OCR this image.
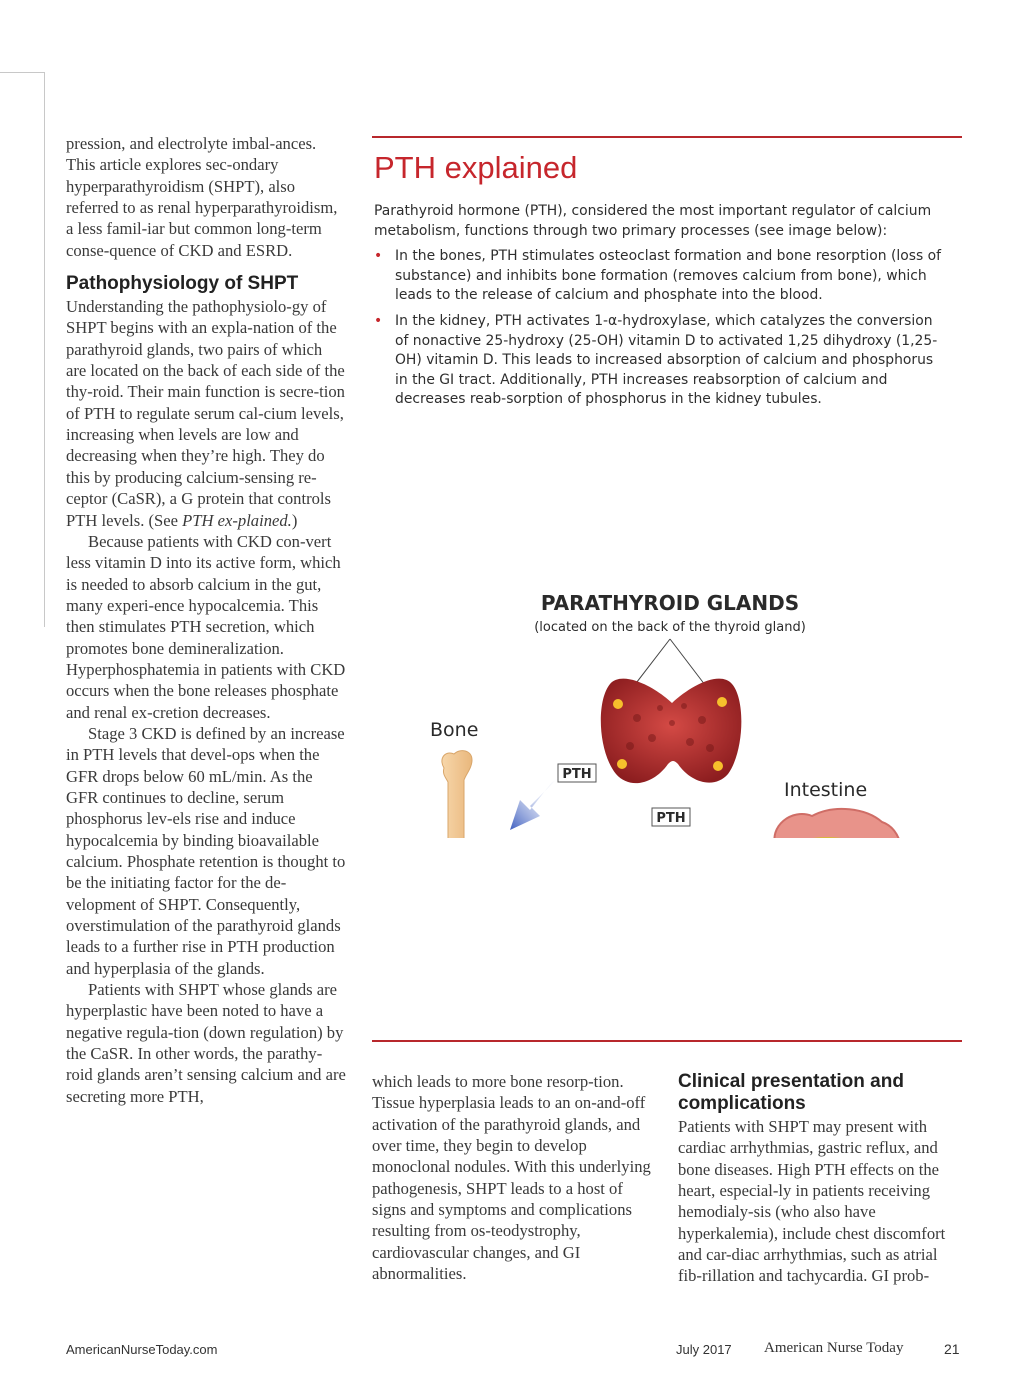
pression, and electrolyte imbal-ances. This article explores sec-ondary hyperparathyroidism (SHPT), also referred to as renal hyperparathyroidism, a less famil-iar but common long-term conse-quence of CKD and ESRD.

Pathophysiology of SHPT

Understanding the pathophysiolo-gy of SHPT begins with an expla-nation of the parathyroid glands, two pairs of which are located on the back of each side of the thy-roid. Their main function is secre-tion of PTH to regulate serum cal-cium levels, increasing when levels are low and decreasing when they’re high. They do this by producing calcium-sensing re-ceptor (CaSR), a G protein that controls PTH levels. (See PTH ex-plained.)

Because patients with CKD con-vert less vitamin D into its active form, which is needed to absorb calcium in the gut, many experi-ence hypocalcemia. This then stimulates PTH secretion, which promotes bone demineralization. Hyperphosphatemia in patients with CKD occurs when the bone releases phosphate and renal ex-cretion decreases.

Stage 3 CKD is defined by an increase in PTH levels that devel-ops when the GFR drops below 60 mL/min. As the GFR continues to decline, serum phosphorus lev-els rise and induce hypocalcemia by binding bioavailable calcium. Phosphate retention is thought to be the initiating factor for the de-velopment of SHPT. Consequently, overstimulation of the parathyroid glands leads to a further rise in PTH production and hyperplasia of the glands.

Patients with SHPT whose glands are hyperplastic have been noted to have a negative regula-tion (down regulation) by the CaSR. In other words, the parathy-roid glands aren’t sensing calcium and are secreting more PTH,

PTH explained

Parathyroid hormone (PTH), considered the most important regulator of calcium metabolism, functions through two primary processes (see image below):

• In the bones, PTH stimulates osteoclast formation and bone resorption (loss of substance) and inhibits bone formation (removes calcium from bone), which leads to the release of calcium and phosphate into the blood.
• In the kidney, PTH activates 1-α-hydroxylase, which catalyzes the conversion of nonactive 25-hydroxy (25-OH) vitamin D to activated 1,25 dihydroxy (1,25-OH) vitamin D. This leads to increased absorption of calcium and phosphorus in the GI tract. Additionally, PTH increases reabsorption of calcium and decreases reab-sorption of phosphorus in the kidney tubules.
PARATHYROID GLANDS
(located on the back of the thyroid gland)
Bone
PTH
PTH
Intestine

which leads to more bone resorp-tion. Tissue hyperplasia leads to an on-and-off activation of the parathyroid glands, and over time, they begin to develop monoclonal nodules. With this underlying pathogenesis, SHPT leads to a host of signs and symptoms and complications resulting from os-teodystrophy, cardiovascular changes, and GI abnormalities.

Clinical presentation and complications

Patients with SHPT may present with cardiac arrhythmias, gastric reflux, and bone diseases. High PTH effects on the heart, especial-ly in patients receiving hemodialy-sis (who also have hyperkalemia), include chest discomfort and car-diac arrhythmias, such as atrial fib-rillation and tachycardia. GI prob-

AmericanNurseToday.com	July 2017 American Nurse Today	21
